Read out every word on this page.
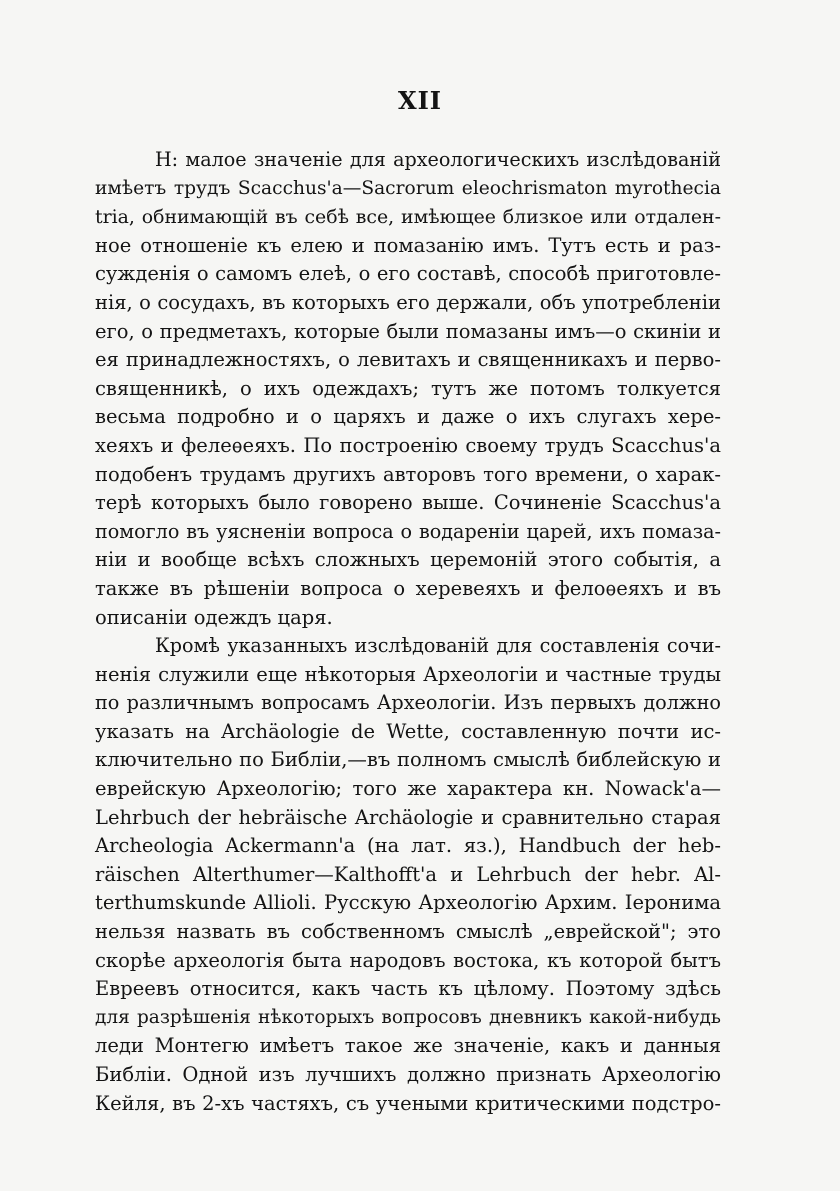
XII
Н: малое значенiе для археологическихъ изслѣдованiй
имѣетъ трудъ Scacchus'a—Sacrorum eleochrismaton myrothecia
tria, обнимающiй въ себѣ все, имѣющее близкое или отдален-
ное отношенiе къ елею и помазанiю имъ. Тутъ есть и раз-
сужденiя о самомъ елеѣ, о его составѣ, способѣ приготовле-
нiя, о сосудахъ, въ которыхъ его держали, объ употребленiи
его, о предметахъ, которые были помазаны имъ—о скинiи и
ея принадлежностяхъ, о левитахъ и священникахъ и перво-
священникѣ, о ихъ одеждахъ; тутъ же потомъ толкуется
весьма подробно и о царяхъ и даже о ихъ слугахъ хере-
хеяхъ и фелеѳеяхъ. По построенiю своему трудъ Scacchus'a
подобенъ трудамъ другихъ авторовъ того времени, о харак-
терѣ которыхъ было говорено выше. Сочиненiе Scacchus'a
помогло въ уясненiи вопроса о водаренiи царей, ихъ помаза-
нiи и вообще всѣхъ сложныхъ церемонiй этого событiя, а
также въ рѣшенiи вопроса о херевеяхъ и фелоѳеяхъ и въ
описанiи одеждъ царя.
Кромѣ указанныхъ изслѣдованiй для составленiя сочи-
ненiя служили еще нѣкоторыя Археологiи и частные труды
по различнымъ вопросамъ Археологiи. Изъ первыхъ должно
указать на Archäologie de Wette, составленную почти ис-
ключительно по Библiи,—въ полномъ смыслѣ библейскую и
еврейскую Археологiю; того же характера кн. Nowack'a—
Lehrbuch der hebräische Archäologie и сравнительно старая
Archeologia Ackermann'a (на лат. яз.), Handbuch der heb-
räischen Alterthumer—Kalthofft'a и Lehrbuch der hebr. Al-
terthumskunde Allioli. Русскую Археологiю Архим. Iеронима
нельзя назвать въ собственномъ смыслѣ „еврейской"; это
скорѣе археологiя быта народовъ востока, къ которой бытъ
Евреевъ относится, какъ часть къ цѣлому. Поэтому здѣсь
для разрѣшенiя нѣкоторыхъ вопросовъ дневникъ какой-нибудь
леди Монтегю имѣетъ такое же значенiе, какъ и данныя
Библiи. Одной изъ лучшихъ должно признать Археологiю
Кейля, въ 2-хъ частяхъ, съ учеными критическими подстро-
